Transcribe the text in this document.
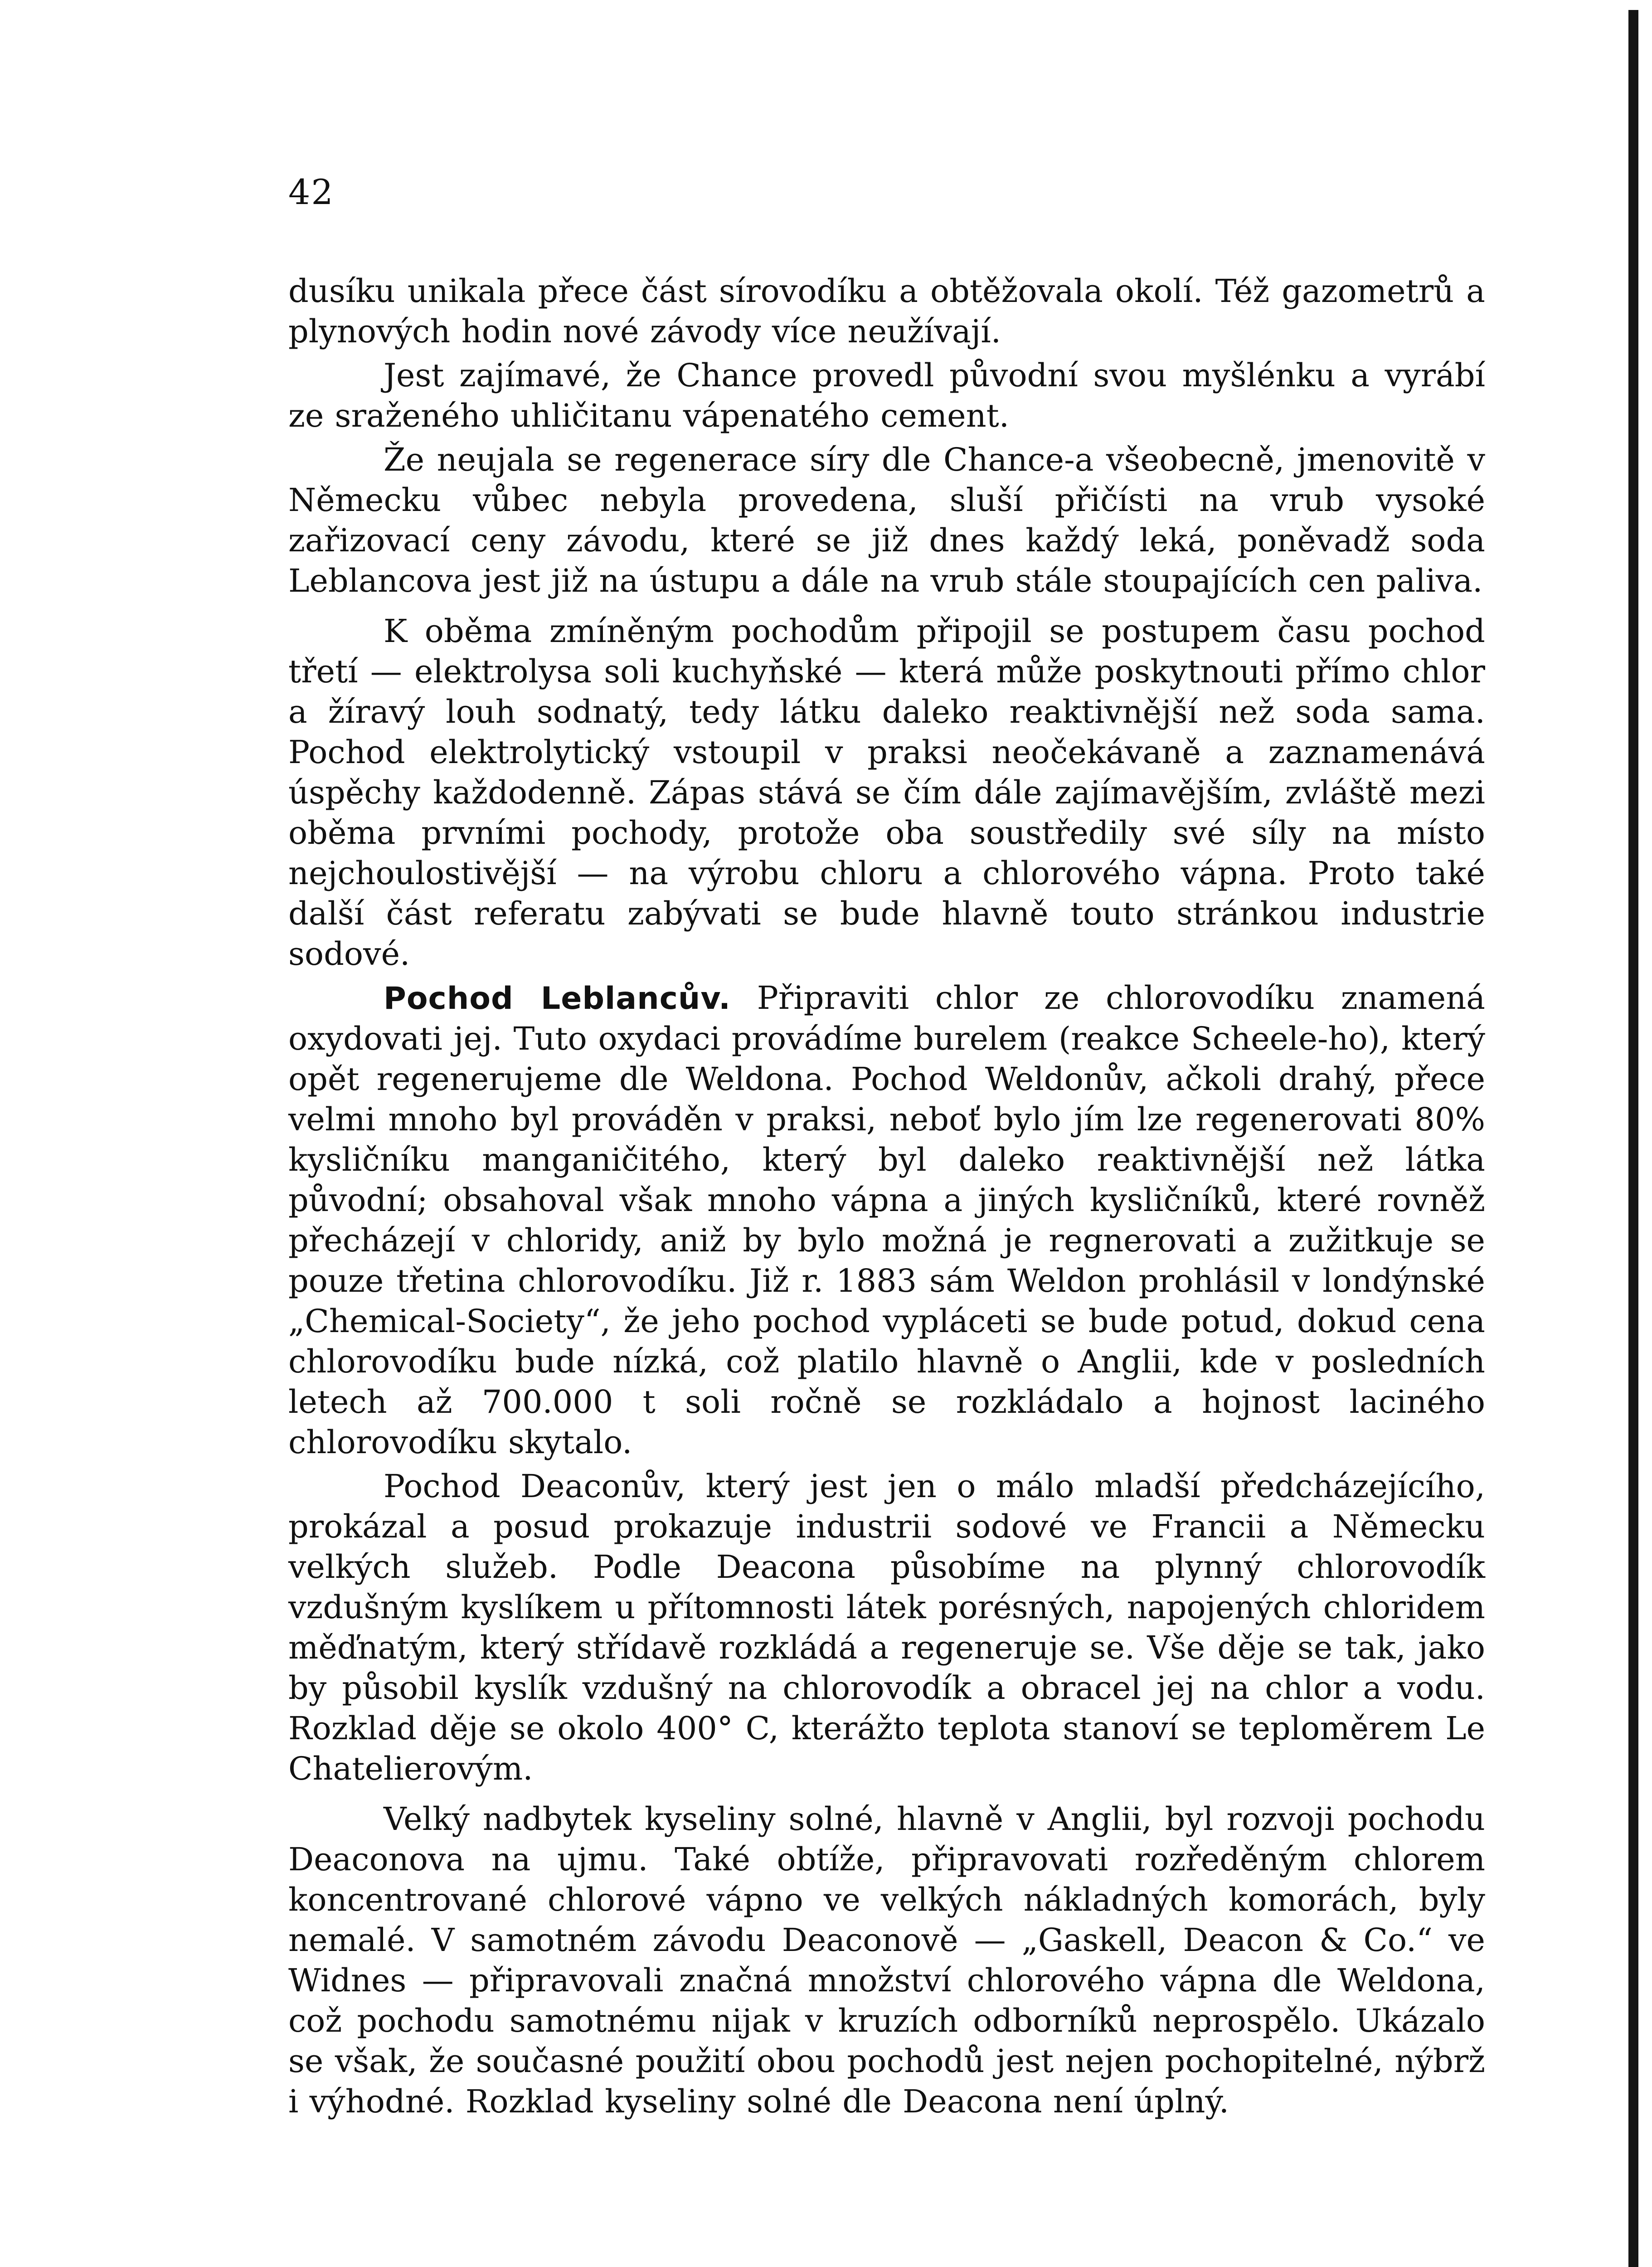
42

dusíku unikala přece část sírovodíku a obtěžovala okolí. Též gazometrů a plynových hodin nové závody více neužívají.

Jest zajímavé, že Chance provedl původní svou myšlénku a vyrábí ze sraženého uhličitanu vápenatého cement.

Že neujala se regenerace síry dle Chance-a všeobecně, jmenovitě v Německu vůbec nebyla provedena, sluší přičísti na vrub vysoké zařizovací ceny závodu, které se již dnes každý leká, poněvadž soda Leblancova jest již na ústupu a dále na vrub stále stoupajících cen paliva.

K oběma zmíněným pochodům připojil se postupem času pochod třetí — elektrolysa soli kuchyňské — která může poskytnouti přímo chlor a žíravý louh sodnatý, tedy látku daleko reaktivnější než soda sama. Pochod elektrolytický vstoupil v praksi neočekávaně a zaznamenává úspěchy každodenně. Zápas stává se čím dále zajímavějším, zvláště mezi oběma prvními pochody, protože oba soustředily své síly na místo nejchoulostivější — na výrobu chloru a chlorového vápna. Proto také další část referatu zabývati se bude hlavně touto stránkou industrie sodové.

Pochod Leblancův. Připraviti chlor ze chlorovodíku znamená oxydovati jej. Tuto oxydaci provádíme burelem (reakce Scheele-ho), který opět regenerujeme dle Weldona. Pochod Weldonův, ačkoli drahý, přece velmi mnoho byl prováděn v praksi, neboť bylo jím lze regenerovati 80% kysličníku manganičitého, který byl daleko reaktivnější než látka původní; obsahoval však mnoho vápna a jiných kysličníků, které rovněž přecházejí v chloridy, aniž by bylo možná je regnerovati a zužitkuje se pouze třetina chlorovodíku. Již r. 1883 sám Weldon prohlásil v londýnské „Chemical-Society“, že jeho pochod vypláceti se bude potud, dokud cena chlorovodíku bude nízká, což platilo hlavně o Anglii, kde v posledních letech až 700.000 t soli ročně se rozkládalo a hojnost laciného chlorovodíku skytalo.

Pochod Deaconův, který jest jen o málo mladší předcházejícího, prokázal a posud prokazuje industrii sodové ve Francii a Německu velkých služeb. Podle Deacona působíme na plynný chlorovodík vzdušným kyslíkem u přítomnosti látek porésných, napojených chloridem měďnatým, který střídavě rozkládá a regeneruje se. Vše děje se tak, jako by působil kyslík vzdušný na chlorovodík a obracel jej na chlor a vodu. Rozklad děje se okolo 400° C, kterážto teplota stanoví se teploměrem Le Chatelierovým.

Velký nadbytek kyseliny solné, hlavně v Anglii, byl rozvoji pochodu Deaconova na ujmu. Také obtíže, připravovati rozředěným chlorem koncentrované chlorové vápno ve velkých nákladných komorách, byly nemalé. V samotném závodu Deaconově — „Gaskell, Deacon & Co.“ ve Widnes — připravovali značná množství chlorového vápna dle Weldona, což pochodu samotnému nijak v kruzích odborníků neprospělo. Ukázalo se však, že současné použití obou pochodů jest nejen pochopitelné, nýbrž i výhodné. Rozklad kyseliny solné dle Deacona není úplný.
